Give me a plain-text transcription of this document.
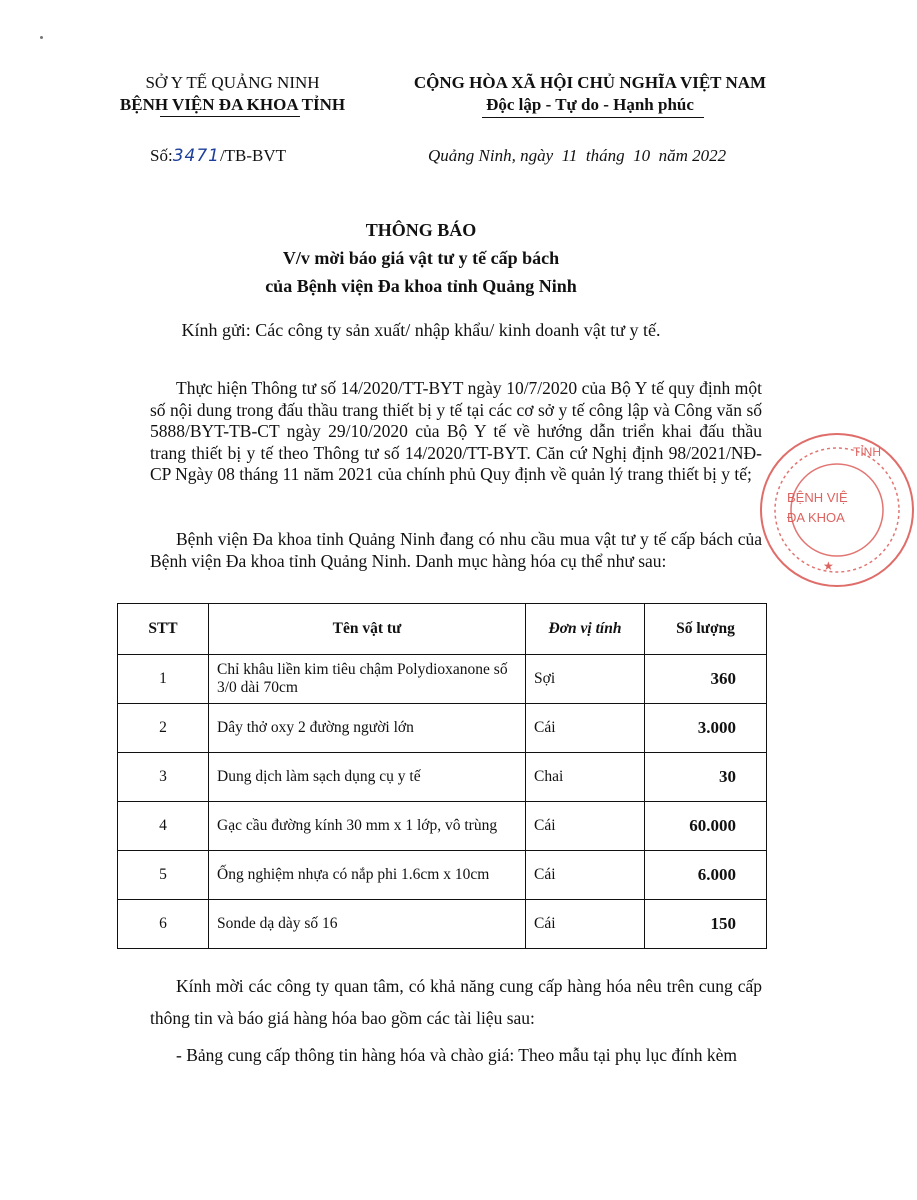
SỞ Y TẾ QUẢNG NINH
BỆNH VIỆN ĐA KHOA TỈNH
CỘNG HÒA XÃ HỘI CHỦ NGHĨA VIỆT NAM
Độc lập - Tự do - Hạnh phúc
Số:3471/TB-BVT	Quảng Ninh, ngày  11  tháng  10  năm 2022
THÔNG BÁO
V/v mời báo giá vật tư y tế cấp bách
của Bệnh viện Đa khoa tỉnh Quảng Ninh
Kính gửi: Các công ty sản xuất/ nhập khẩu/ kinh doanh vật tư y tế.
Thực hiện Thông tư số 14/2020/TT-BYT ngày 10/7/2020 của Bộ Y tế quy định một số nội dung trong đấu thầu trang thiết bị y tế tại các cơ sở y tế công lập và Công văn số 5888/BYT-TB-CT ngày 29/10/2020 của Bộ Y tế về hướng dẫn triển khai đấu thầu trang thiết bị y tế theo Thông tư số 14/2020/TT-BYT. Căn cứ Nghị định 98/2021/NĐ-CP Ngày 08 tháng 11 năm 2021 của chính phủ Quy định về quản lý trang thiết bị y tế;
Bệnh viện Đa khoa tỉnh Quảng Ninh đang có nhu cầu mua vật tư y tế cấp bách của Bệnh viện Đa khoa tỉnh Quảng Ninh. Danh mục hàng hóa cụ thể như sau:
STT	Tên vật tư	Đơn vị tính	Số lượng
1	Chỉ khâu liền kim tiêu chậm Polydioxanone số 3/0 dài 70cm	Sợi	360
2	Dây thở oxy 2 đường người lớn	Cái	3.000
3	Dung dịch làm sạch dụng cụ y tế	Chai	30
4	Gạc cầu đường kính 30 mm x 1 lớp, vô trùng	Cái	60.000
5	Ống nghiệm nhựa có nắp phi 1.6cm x 10cm	Cái	6.000
6	Sonde dạ dày số 16	Cái	150
Kính mời các công ty quan tâm, có khả năng cung cấp hàng hóa nêu trên cung cấp thông tin và báo giá hàng hóa bao gồm các tài liệu sau:
- Bảng cung cấp thông tin hàng hóa và chào giá: Theo mẫu tại phụ lục đính kèm
TỈNH
BỆNH VIỆ
ĐA KHOA
★
